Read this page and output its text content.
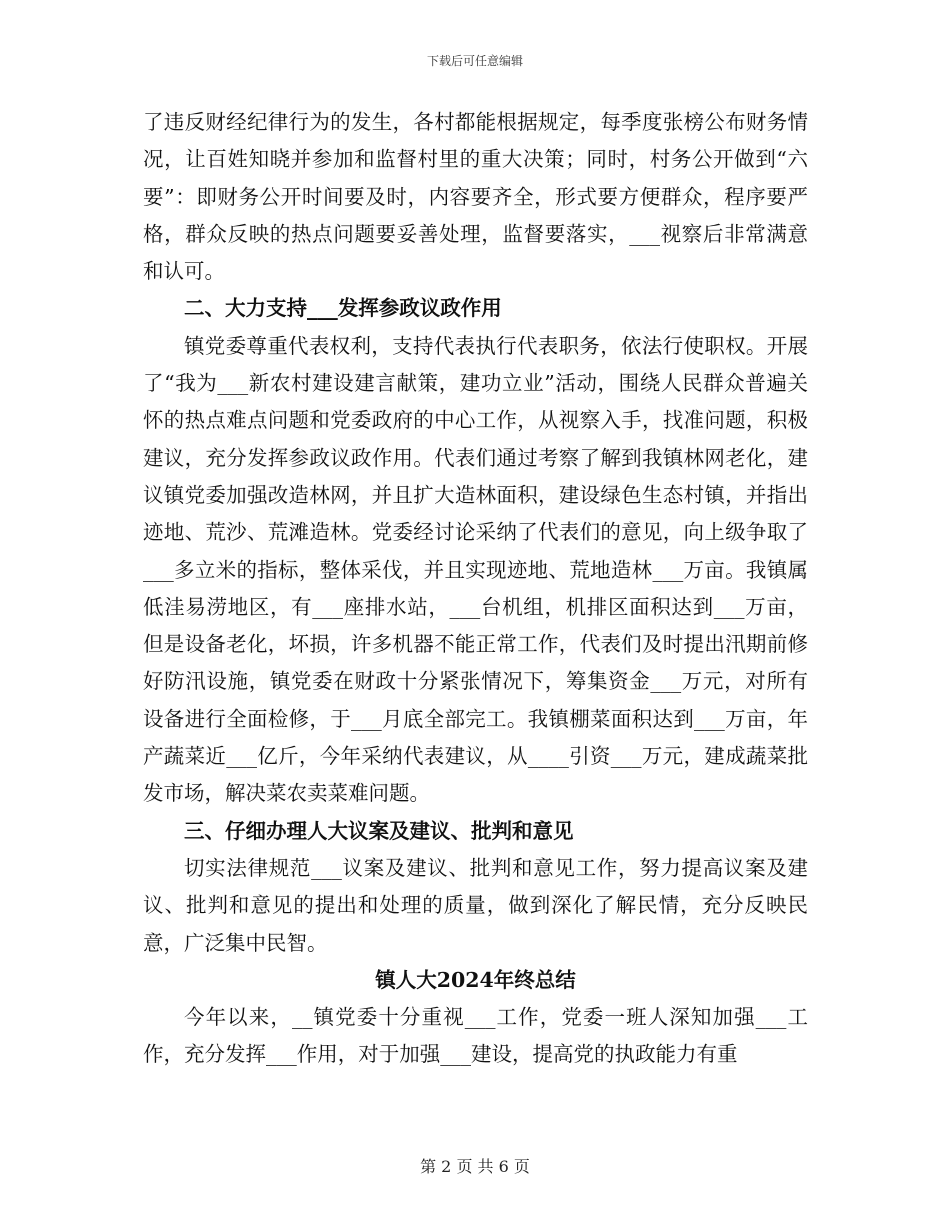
下载后可任意编辑

了违反财经纪律行为的发生，各村都能根据规定，每季度张榜公布财务情况，让百姓知晓并参加和监督村里的重大决策；同时，村务公开做到“六要”：即财务公开时间要及时，内容要齐全，形式要方便群众，程序要严格，群众反映的热点问题要妥善处理，监督要落实，___视察后非常满意和认可。

二、大力支持___发挥参政议政作用

镇党委尊重代表权利，支持代表执行代表职务，依法行使职权。开展了“我为___新农村建设建言献策，建功立业”活动，围绕人民群众普遍关怀的热点难点问题和党委政府的中心工作，从视察入手，找准问题，积极建议，充分发挥参政议政作用。代表们通过考察了解到我镇林网老化，建议镇党委加强改造林网，并且扩大造林面积，建设绿色生态村镇，并指出迹地、荒沙、荒滩造林。党委经讨论采纳了代表们的意见，向上级争取了___多立米的指标，整体采伐，并且实现迹地、荒地造林___万亩。我镇属低洼易涝地区，有___座排水站，___台机组，机排区面积达到___万亩，但是设备老化，坏损，许多机器不能正常工作，代表们及时提出汛期前修好防汛设施，镇党委在财政十分紧张情况下，筹集资金___万元，对所有设备进行全面检修，于___月底全部完工。我镇棚菜面积达到___万亩，年产蔬菜近___亿斤，今年采纳代表建议，从____引资___万元，建成蔬菜批发市场，解决菜农卖菜难问题。

三、仔细办理人大议案及建议、批判和意见

切实法律规范___议案及建议、批判和意见工作，努力提高议案及建议、批判和意见的提出和处理的质量，做到深化了解民情，充分反映民意，广泛集中民智。

镇人大2024年终总结

今年以来，__镇党委十分重视___工作，党委一班人深知加强___工作，充分发挥___作用，对于加强___建设，提高党的执政能力有重

第 2 页 共 6 页
